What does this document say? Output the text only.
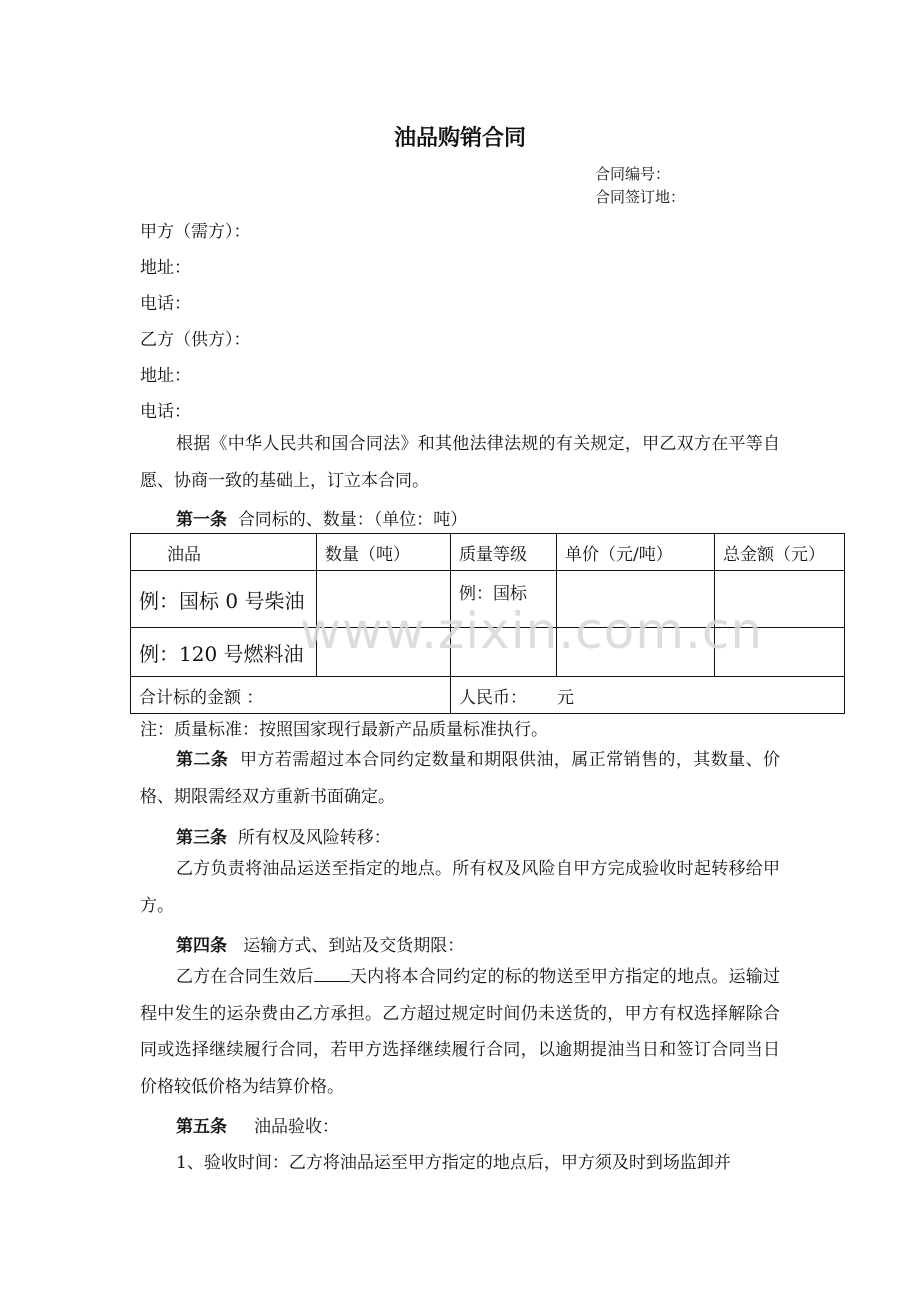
油品购销合同
合同编号：
合同签订地：
甲方（需方）：
地址：
电话：
乙方（供方）：
地址：
电话：
根据《中华人民共和国合同法》和其他法律法规的有关规定，甲乙双方在平等自愿、协商一致的基础上，订立本合同。
第一条 合同标的、数量：（单位：吨）
油品	数量（吨）	质量等级	单价（元/吨）	总金额（元）
例：国标 0 号柴油		例：国标		
例：120 号燃料油				
合计标的金额 ：		人民币： 元		
www.zixin.com.cn
注：质量标准：按照国家现行最新产品质量标准执行。
第二条 甲方若需超过本合同约定数量和期限供油，属正常销售的，其数量、价格、期限需经双方重新书面确定。
第三条 所有权及风险转移：
乙方负责将油品运送至指定的地点。所有权及风险自甲方完成验收时起转移给甲方。
第四条 运输方式、到站及交货期限：
乙方在合同生效后 天内将本合同约定的标的物送至甲方指定的地点。运输过程中发生的运杂费由乙方承担。乙方超过规定时间仍未送货的，甲方有权选择解除合同或选择继续履行合同，若甲方选择继续履行合同，以逾期提油当日和签订合同当日价格较低价格为结算价格。
第五条 油品验收：
1、验收时间：乙方将油品运至甲方指定的地点后，甲方须及时到场监卸并
